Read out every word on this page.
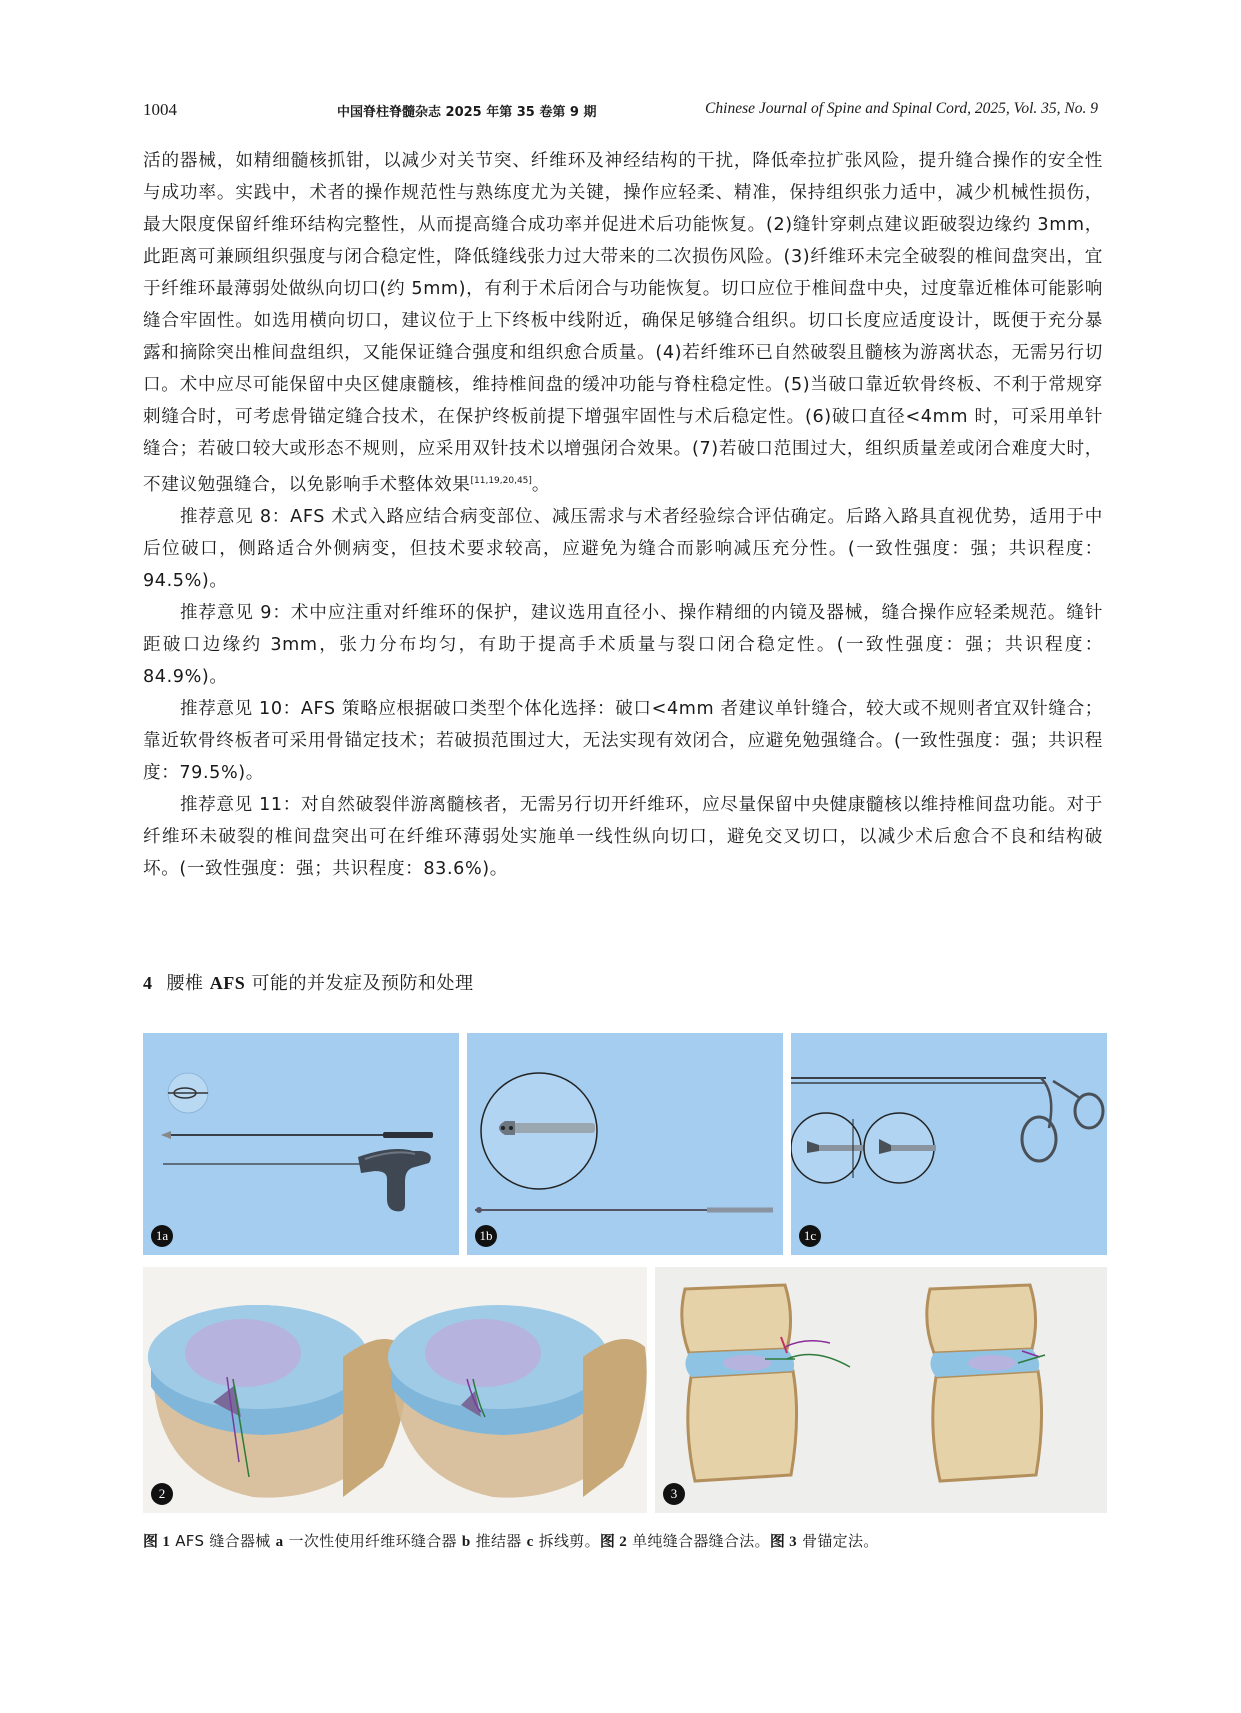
1004	中国脊柱脊髓杂志 2025 年第 35 卷第 9 期	Chinese Journal of Spine and Spinal Cord, 2025, Vol. 35, No. 9

活的器械，如精细髓核抓钳，以减少对关节突、纤维环及神经结构的干扰，降低牵拉扩张风险，提升缝合操作的安全性与成功率。实践中，术者的操作规范性与熟练度尤为关键，操作应轻柔、精准，保持组织张力适中，减少机械性损伤，最大限度保留纤维环结构完整性，从而提高缝合成功率并促进术后功能恢复。(2)缝针穿刺点建议距破裂边缘约 3mm，此距离可兼顾组织强度与闭合稳定性，降低缝线张力过大带来的二次损伤风险。(3)纤维环未完全破裂的椎间盘突出，宜于纤维环最薄弱处做纵向切口(约 5mm)，有利于术后闭合与功能恢复。切口应位于椎间盘中央，过度靠近椎体可能影响缝合牢固性。如选用横向切口，建议位于上下终板中线附近，确保足够缝合组织。切口长度应适度设计，既便于充分暴露和摘除突出椎间盘组织，又能保证缝合强度和组织愈合质量。(4)若纤维环已自然破裂且髓核为游离状态，无需另行切口。术中应尽可能保留中央区健康髓核，维持椎间盘的缓冲功能与脊柱稳定性。(5)当破口靠近软骨终板、不利于常规穿刺缝合时，可考虑骨锚定缝合技术，在保护终板前提下增强牢固性与术后稳定性。(6)破口直径<4mm 时，可采用单针缝合；若破口较大或形态不规则，应采用双针技术以增强闭合效果。(7)若破口范围过大，组织质量差或闭合难度大时，不建议勉强缝合，以免影响手术整体效果[11,19,20,45]。

推荐意见 8：AFS 术式入路应结合病变部位、减压需求与术者经验综合评估确定。后路入路具直视优势，适用于中后位破口，侧路适合外侧病变，但技术要求较高，应避免为缝合而影响减压充分性。(一致性强度：强；共识程度：94.5%)。

推荐意见 9：术中应注重对纤维环的保护，建议选用直径小、操作精细的内镜及器械，缝合操作应轻柔规范。缝针距破口边缘约 3mm，张力分布均匀，有助于提高手术质量与裂口闭合稳定性。(一致性强度：强；共识程度：84.9%)。

推荐意见 10：AFS 策略应根据破口类型个体化选择：破口<4mm 者建议单针缝合，较大或不规则者宜双针缝合；靠近软骨终板者可采用骨锚定技术；若破损范围过大，无法实现有效闭合，应避免勉强缝合。(一致性强度：强；共识程度：79.5%)。

推荐意见 11：对自然破裂伴游离髓核者，无需另行切开纤维环，应尽量保留中央健康髓核以维持椎间盘功能。对于纤维环未破裂的椎间盘突出可在纤维环薄弱处实施单一线性纵向切口，避免交叉切口，以减少术后愈合不良和结构破坏。(一致性强度：强；共识程度：83.6%)。

4 腰椎 AFS 可能的并发症及预防和处理
1a	1b	1c
2	3
图 1 AFS 缝合器械 a 一次性使用纤维环缝合器 b 推结器 c 拆线剪。图 2 单纯缝合器缝合法。图 3 骨锚定法。
